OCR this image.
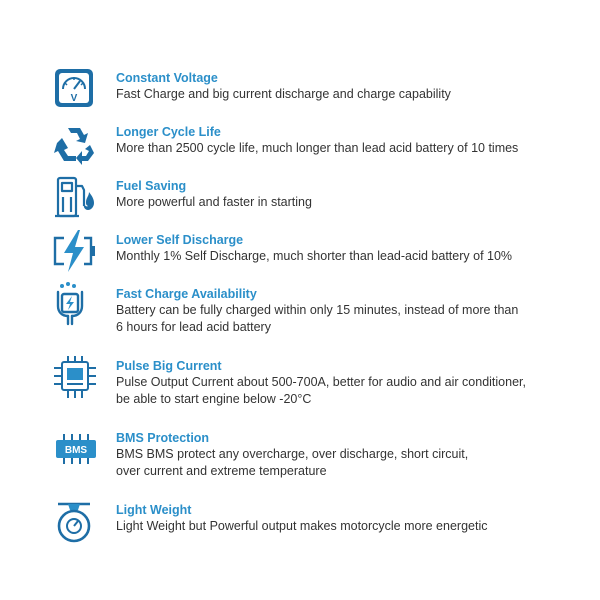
V
Constant Voltage
Fast Charge and big current discharge and charge capability
Longer Cycle Life
More than 2500 cycle life, much longer than lead acid battery of 10 times
Fuel Saving
More powerful and faster in starting
Lower Self Discharge
Monthly 1% Self Discharge, much shorter than lead-acid battery of 10%
Fast Charge Availability
Battery can be fully charged within only 15 minutes, instead of more than
6 hours for lead acid battery
Pulse Big Current
Pulse Output Current about 500-700A, better for audio and air conditioner,
be able to start engine below -20°C
BMS
BMS Protection
BMS BMS protect any overcharge, over discharge, short circuit,
over current and extreme temperature
Light Weight
Light Weight but Powerful output makes motorcycle more energetic
